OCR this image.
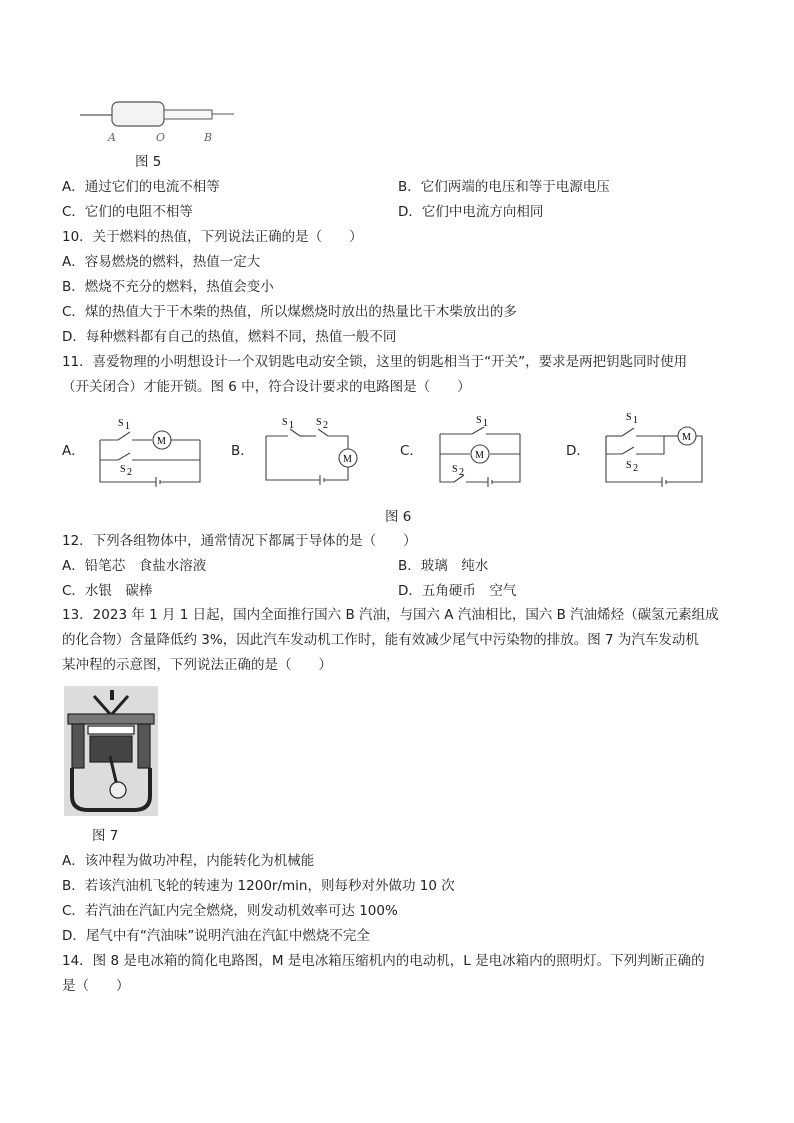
A	O	B
图 5
A．通过它们的电流不相等	B．它们两端的电压和等于电源电压
C．它们的电阻不相等	D．它们中电流方向相同
10．关于燃料的热值，下列说法正确的是（　　）
A．容易燃烧的燃料，热值一定大
B．燃烧不充分的燃料，热值会变小
C．煤的热值大于干木柴的热值，所以煤燃烧时放出的热量比干木柴放出的多
D．每种燃料都有自己的热值，燃料不同，热值一般不同
11．喜爱物理的小明想设计一个双钥匙电动安全锁，这里的钥匙相当于“开关”，要求是两把钥匙同时使用
（开关闭合）才能开锁。图 6 中，符合设计要求的电路图是（　　）
A．	B．	C．	D．
M
S 1
S 2
M
S 1 S 2
M
S 1
S 2
M
S 1
S 2
图 6
12．下列各组物体中，通常情况下都属于导体的是（　　）
A．铅笔芯　食盐水溶液	B．玻璃　纯水
C．水银　碳棒	D．五角硬币　空气
13．2023 年 1 月 1 日起，国内全面推行国六 B 汽油，与国六 A 汽油相比，国六 B 汽油烯烃（碳氢元素组成
的化合物）含量降低约 3%，因此汽车发动机工作时，能有效减少尾气中污染物的排放。图 7 为汽车发动机
某冲程的示意图，下列说法正确的是（　　）
图 7
A．该冲程为做功冲程，内能转化为机械能
B．若该汽油机飞轮的转速为 1200r/min，则每秒对外做功 10 次
C．若汽油在汽缸内完全燃烧，则发动机效率可达 100%
D．尾气中有“汽油味”说明汽油在汽缸中燃烧不完全
14．图 8 是电冰箱的简化电路图，M 是电冰箱压缩机内的电动机，L 是电冰箱内的照明灯。下列判断正确的
是（　　）
